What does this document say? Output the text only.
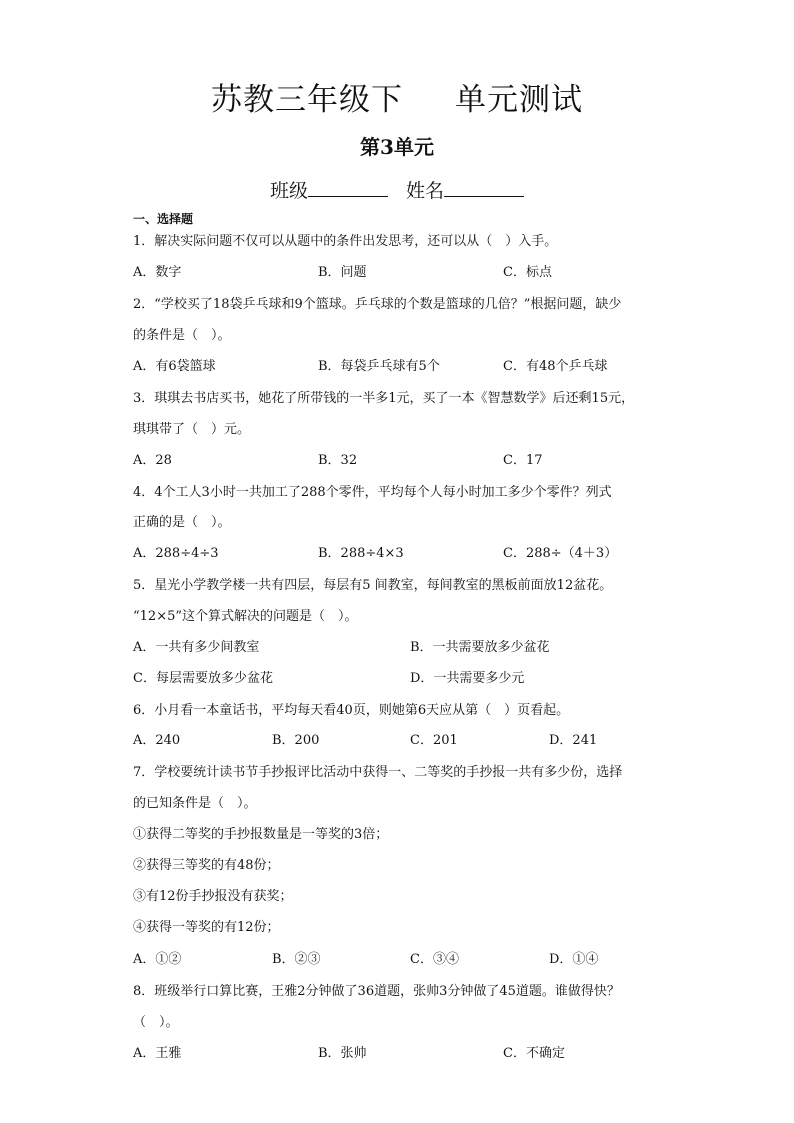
苏教三年级下 单元测试
第3单元
班级	姓名
一、选择题
1．解决实际问题不仅可以从题中的条件出发思考，还可以从（　）入手。
A．数字	B．问题	C．标点
2．“学校买了18袋乒乓球和9个篮球。乒乓球的个数是篮球的几倍？”根据问题，缺少
的条件是（　）。
A．有6袋篮球	B．每袋乒乓球有5个	C．有48个乒乓球
3．琪琪去书店买书，她花了所带钱的一半多1元，买了一本《智慧数学》后还剩15元，
琪琪带了（　）元。
A．28	B．32	C．17
4．4个工人3小时一共加工了288个零件，平均每个人每小时加工多少个零件？列式
正确的是（　）。
A．288÷4÷3	B．288÷4×3	C．288÷（4＋3）
5．星光小学教学楼一共有四层，每层有5 间教室，每间教室的黑板前面放12盆花。
“12×5”这个算式解决的问题是（　）。
A．一共有多少间教室	B．一共需要放多少盆花
C．每层需要放多少盆花	D．一共需要多少元
6．小月看一本童话书，平均每天看40页，则她第6天应从第（　）页看起。
A．240	B．200	C．201	D．241
7．学校要统计读书节手抄报评比活动中获得一、二等奖的手抄报一共有多少份，选择
的已知条件是（　）。
①获得二等奖的手抄报数量是一等奖的3倍；
②获得三等奖的有48份；
③有12份手抄报没有获奖；
④获得一等奖的有12份；
A．①②	B．②③	C．③④	D．①④
8．班级举行口算比赛，王雅2分钟做了36道题，张帅3分钟做了45道题。谁做得快？
（　）。
A．王雅	B．张帅	C．不确定
